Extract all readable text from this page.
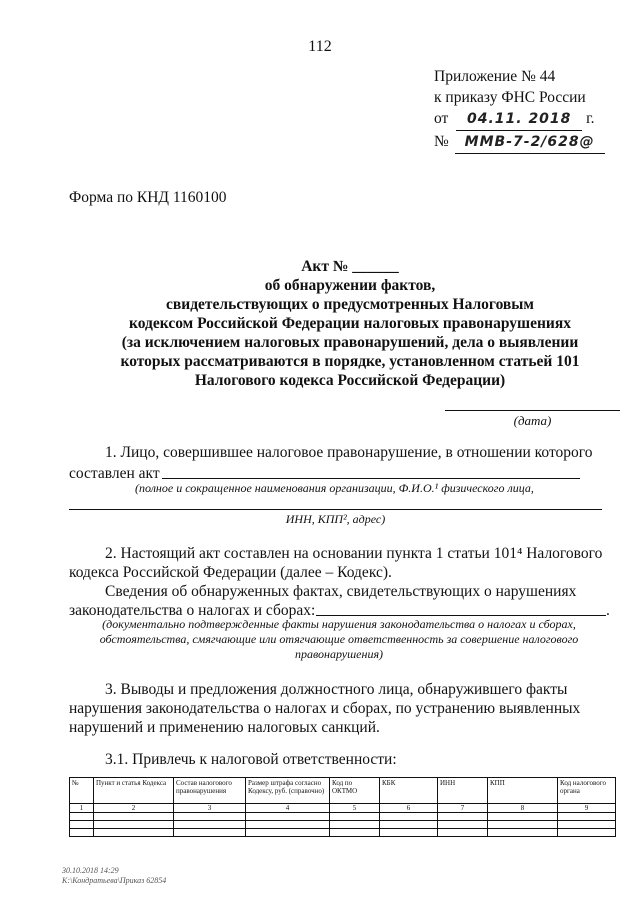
112
Приложение № 44
к приказу ФНС России
от 04.11. 2018 г.
№ ММВ-7-2/628@
Форма по КНД 1160100
Акт № ______
об обнаружении фактов,
свидетельствующих о предусмотренных Налоговым
кодексом Российской Федерации налоговых правонарушениях
(за исключением налоговых правонарушений, дела о выявлении
которых рассматриваются в порядке, установленном статьей 101
Налогового кодекса Российской Федерации)
(дата)
1. Лицо, совершившее налоговое правонарушение, в отношении которого
составлен акт
(полное и сокращенное наименования организации, Ф.И.О.¹ физического лица,
ИНН, КПП², адрес)
2. Настоящий акт составлен на основании пункта 1 статьи 101⁴ Налогового
кодекса Российской Федерации (далее – Кодекс).
Сведения об обнаруженных фактах, свидетельствующих о нарушениях
законодательства о налогах и сборах:	.
(документально подтвержденные факты нарушения законодательства о налогах и сборах,
обстоятельства, смягчающие или отягчающие ответственность за совершение налогового
правонарушения)
3. Выводы и предложения должностного лица, обнаружившего факты
нарушения законодательства о налогах и сборах, по устранению выявленных
нарушений и применению налоговых санкций.
3.1. Привлечь к налоговой ответственности:
№	Пункт и статья Кодекса	Состав налогового правонарушения	Размер штрафа согласно Кодексу, руб. (справочно)	Код по ОКТМО	КБК	ИНН	КПП	Код налогового органа
1	2	3	4	5	6	7	8	9

30.10.2018 14:29
К:\Кондратьева\Приказ 62854
